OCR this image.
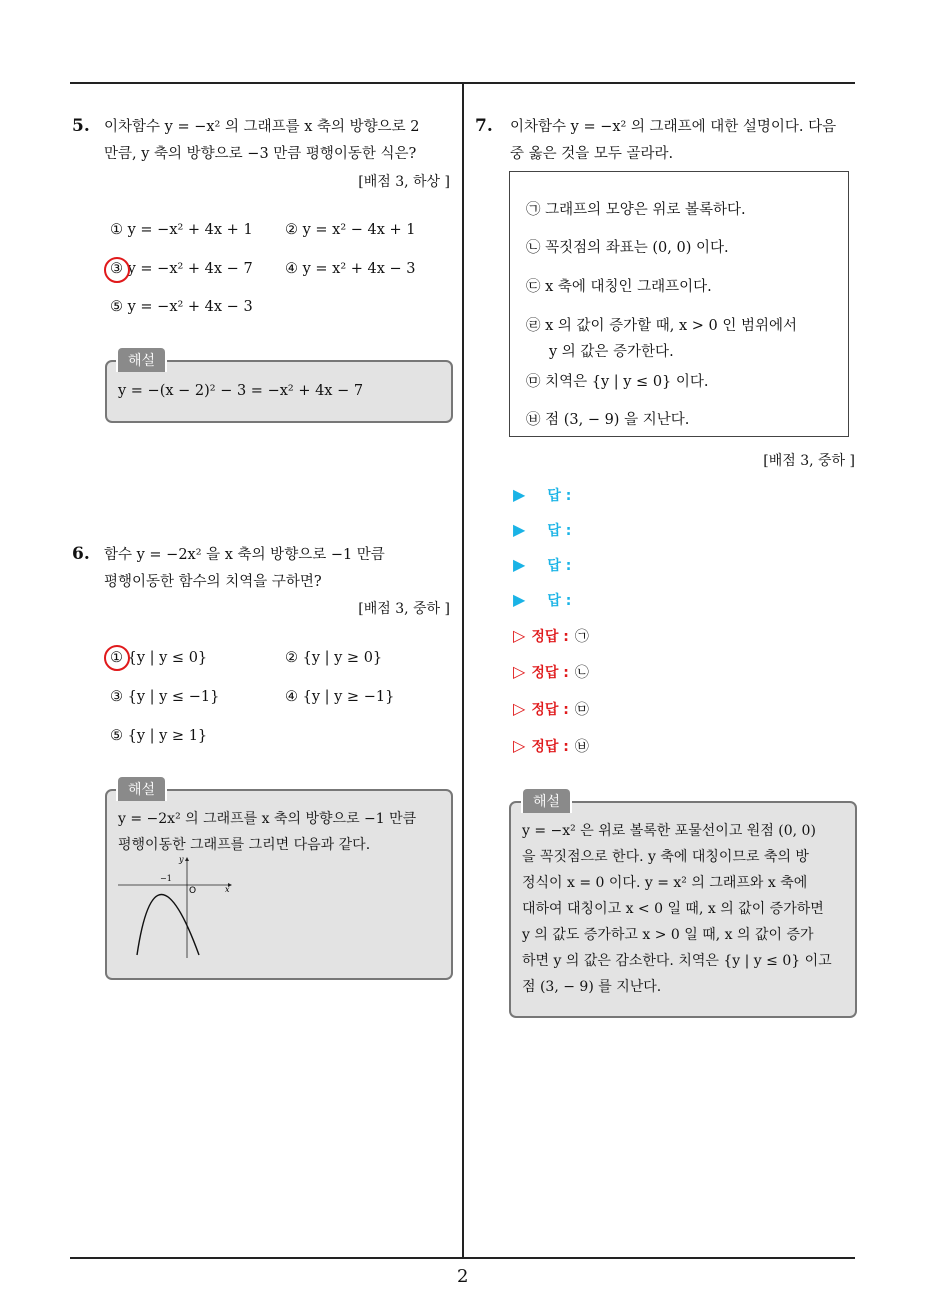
2
5. 이차함수 y = −x² 의 그래프를 x 축의 방향으로 2
만큼, y 축의 방향으로 −3 만큼 평행이동한 식은?
[배점 3, 하상 ]
① y = −x² + 4x + 1 ② y = x² − 4x + 1
③ y = −x² + 4x − 7 ④ y = x² + 4x − 3
⑤ y = −x² + 4x − 3
해설
y = −(x − 2)² − 3 = −x² + 4x − 7
6. 함수 y = −2x² 을 x 축의 방향으로 −1 만큼
평행이동한 함수의 치역을 구하면?
[배점 3, 중하 ]
① {y | y ≤ 0}	② {y | y ≥ 0}
③ {y | y ≤ −1}	④ {y | y ≥ −1}
⑤ {y | y ≥ 1}
해설
y = −2x² 의 그래프를 x 축의 방향으로 −1 만큼
평행이동한 그래프를 그리면 다음과 같다.
y
x
O
−1
7. 이차함수 y = −x² 의 그래프에 대한 설명이다. 다음
중 옳은 것을 모두 골라라.
㉠ 그래프의 모양은 위로 볼록하다.
㉡ 꼭짓점의 좌표는 (0, 0) 이다.
㉢ x 축에 대칭인 그래프이다.
㉣ x 의 값이 증가할 때, x > 0 인 범위에서
y 의 값은 증가한다.
㉤ 치역은 {y | y ≤ 0} 이다.
㉥ 점 (3, − 9) 을 지난다.
[배점 3, 중하 ]
▶ 답 :
▶ 답 :
▶ 답 :
▶ 답 :
▷ 정답 : ㉠
▷ 정답 : ㉡
▷ 정답 : ㉤
▷ 정답 : ㉥
해설
y = −x² 은 위로 볼록한 포물선이고 원점 (0, 0)
을 꼭짓점으로 한다. y 축에 대칭이므로 축의 방
정식이 x = 0 이다. y = x² 의 그래프와 x 축에
대하여 대칭이고 x < 0 일 때, x 의 값이 증가하면
y 의 값도 증가하고 x > 0 일 때, x 의 값이 증가
하면 y 의 값은 감소한다. 치역은 {y | y ≤ 0} 이고
점 (3, − 9) 를 지난다.
